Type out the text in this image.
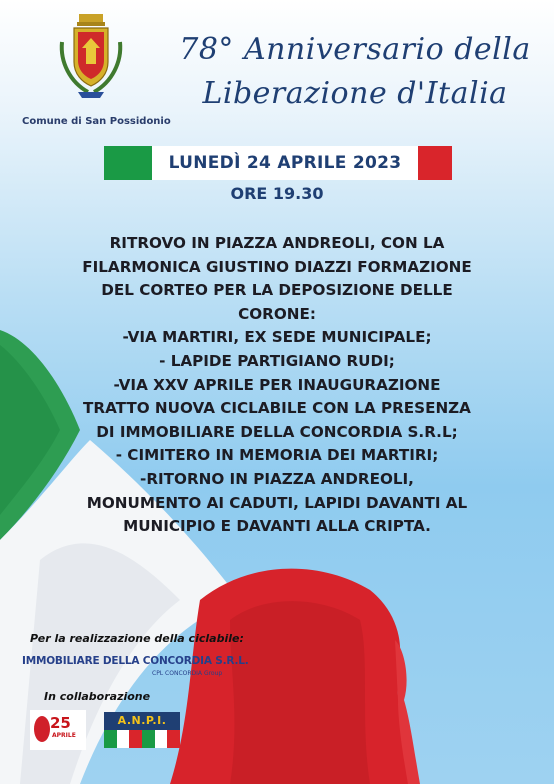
Comune di San Possidonio
78° Anniversario della
Liberazione d'Italia
LUNEDÌ 24 APRILE 2023
ORE 19.30
RITROVO IN PIAZZA ANDREOLI, CON LA
FILARMONICA GIUSTINO DIAZZI FORMAZIONE
DEL CORTEO PER LA DEPOSIZIONE DELLE
CORONE:
-VIA MARTIRI, EX SEDE MUNICIPALE;
- LAPIDE PARTIGIANO RUDI;
-VIA XXV APRILE PER INAUGURAZIONE
TRATTO NUOVA CICLABILE CON LA PRESENZA
DI IMMOBILIARE DELLA CONCORDIA S.R.L;
- CIMITERO IN MEMORIA DEI MARTIRI;
-RITORNO IN PIAZZA ANDREOLI,
MONUMENTO AI CADUTI, LAPIDI DAVANTI AL
MUNICIPIO E DAVANTI ALLA CRIPTA.
Per la realizzazione della ciclabile:
IMMOBILIARE DELLA CONCORDIA S.R.L.
CPL CONCORDIA Group
In collaborazione
25
APRILE
A.N.P.I.
